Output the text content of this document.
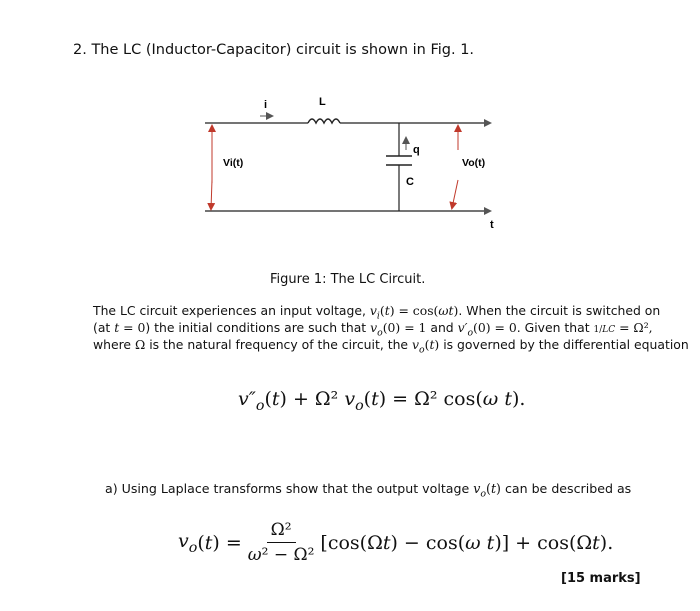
2. The LC (Inductor-Capacitor) circuit is shown in Fig. 1.
L
i
q
C
Vi(t)	Vo(t)
t
Figure 1: The LC Circuit.
The LC circuit experiences an input voltage, $v_i(t) = \cos(\omega t)$. When the circuit is switched on
(at t = 0) the initial conditions are such that $v_o(0) = 1$ and $v'_o(0) = 0$. Given that 1/LC = Ω²,
where Ω is the natural frequency of the circuit, the $v_o(t)$ is governed by the differential equation
$v''_o(t) + \Omega^2$ $v_o(t) = \Omega^2$ cos(ω t).
a) Using Laplace transforms show that the output voltage $v_o(t)$ can be described as
$v_o$ ( t ) = $\frac{\text{Ω²}}{\text{ω² − Ω²}} [\cos(\Omega$ t ) − cos( ω t )] + cos(Ω t ).
[15 marks]
